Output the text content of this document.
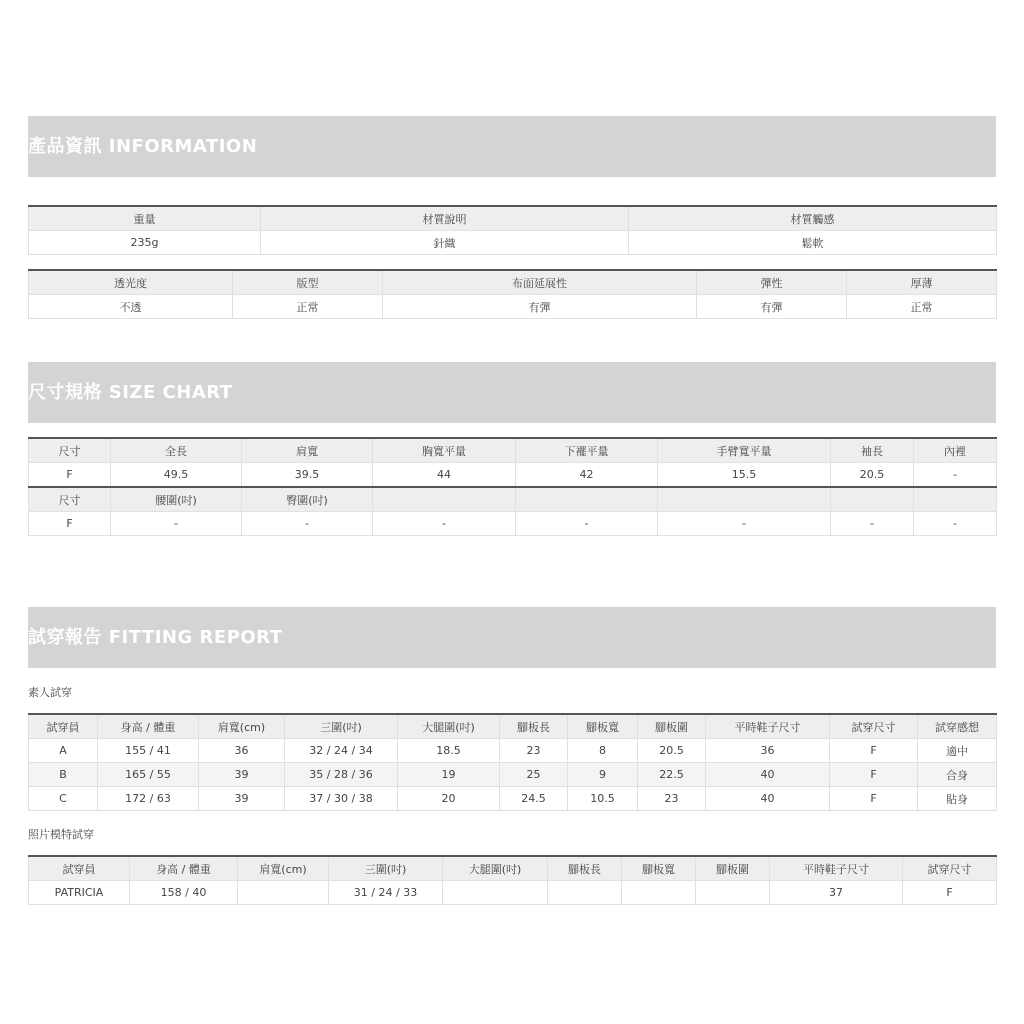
產品資訊 INFORMATION
重量	材質說明	材質觸感
235g	針織	鬆軟
透光度	版型	布面延展性	彈性	厚薄
不透	正常	有彈	有彈	正常
尺寸規格 SIZE CHART
尺寸	全長	肩寬	胸寬平量	下襬平量	手臂寬平量	袖長	內裡
F	49.5	39.5	44	42	15.5	20.5	-
尺寸	腰圍(吋)	臀圍(吋)					
F	-	-	-	-	-	-	-
試穿報告 FITTING REPORT
素人試穿
試穿員	身高 / 體重	肩寬(cm)	三圍(吋)	大腿圍(吋)	腳板長	腳板寬	腳板圍	平時鞋子尺寸	試穿尺寸	試穿感想
A	155 / 41	36	32 / 24 / 34	18.5	23	8	20.5	36	F	適中
B	165 / 55	39	35 / 28 / 36	19	25	9	22.5	40	F	合身
C	172 / 63	39	37 / 30 / 38	20	24.5	10.5	23	40	F	貼身
照片模特試穿
試穿員	身高 / 體重	肩寬(cm)	三圍(吋)	大腿圍(吋)	腳板長	腳板寬	腳板圍	平時鞋子尺寸	試穿尺寸
PATRICIA	158 / 40		31 / 24 / 33					37	F
